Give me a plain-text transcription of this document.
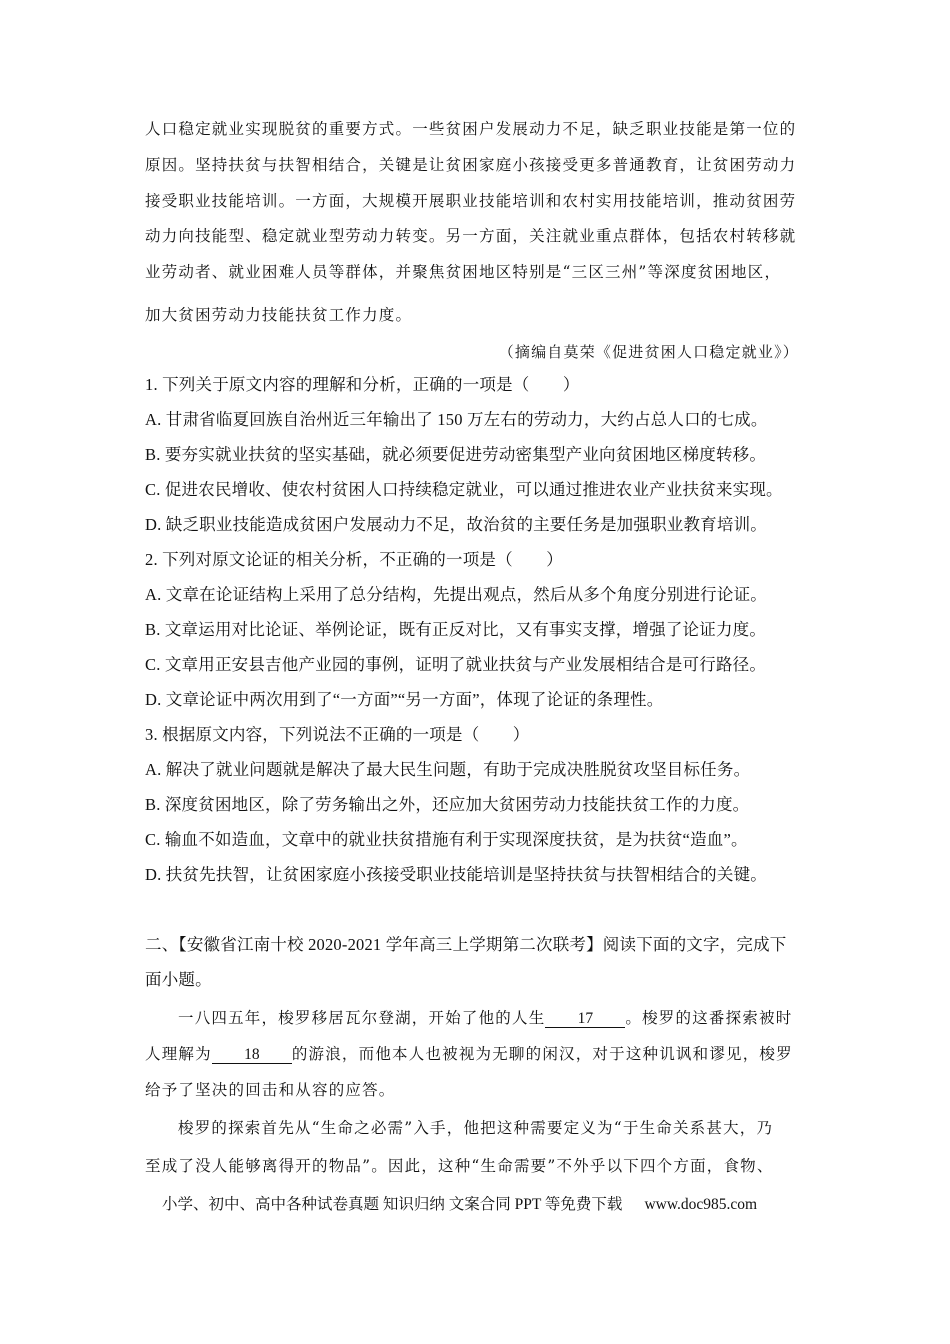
人口稳定就业实现脱贫的重要方式。一些贫困户发展动力不足，缺乏职业技能是第一位的
原因。坚持扶贫与扶智相结合，关键是让贫困家庭小孩接受更多普通教育，让贫困劳动力
接受职业技能培训。一方面，大规模开展职业技能培训和农村实用技能培训，推动贫困劳
动力向技能型、稳定就业型劳动力转变。另一方面，关注就业重点群体，包括农村转移就
业劳动者、就业困难人员等群体，并聚焦贫困地区特别是“三区三州”等深度贫困地区，
加大贫困劳动力技能扶贫工作力度。
（摘编自莫荣《促进贫困人口稳定就业》）
1. 下列关于原文内容的理解和分析，正确的一项是（　　）
A. 甘肃省临夏回族自治州近三年输出了 150 万左右的劳动力，大约占总人口的七成。
B. 要夯实就业扶贫的坚实基础，就必须要促进劳动密集型产业向贫困地区梯度转移。
C. 促进农民增收、使农村贫困人口持续稳定就业，可以通过推进农业产业扶贫来实现。
D. 缺乏职业技能造成贫困户发展动力不足，故治贫的主要任务是加强职业教育培训。
2. 下列对原文论证的相关分析，不正确的一项是（　　）
A. 文章在论证结构上采用了总分结构，先提出观点，然后从多个角度分别进行论证。
B. 文章运用对比论证、举例论证，既有正反对比，又有事实支撑，增强了论证力度。
C. 文章用正安县吉他产业园的事例，证明了就业扶贫与产业发展相结合是可行路径。
D. 文章论证中两次用到了“一方面”“另一方面”，体现了论证的条理性。
3. 根据原文内容，下列说法不正确的一项是（　　）
A. 解决了就业问题就是解决了最大民生问题，有助于完成决胜脱贫攻坚目标任务。
B. 深度贫困地区，除了劳务输出之外，还应加大贫困劳动力技能扶贫工作的力度。
C. 输血不如造血，文章中的就业扶贫措施有利于实现深度扶贫，是为扶贫“造血”。
D. 扶贫先扶智，让贫困家庭小孩接受职业技能培训是坚持扶贫与扶智相结合的关键。
二、【安徽省江南十校 2020-2021 学年高三上学期第二次联考】阅读下面的文字，完成下
面小题。
一八四五年，梭罗移居瓦尔登湖，开始了他的人生 17 。梭罗的这番探索被时
人理解为 18 的游浪，而他本人也被视为无聊的闲汉，对于这种讥讽和谬见，梭罗
给予了坚决的回击和从容的应答。
梭罗的探索首先从“生命之必需”入手，他把这种需要定义为“于生命关系甚大，乃
至成了没人能够离得开的物品”。因此，这种“生命需要”不外乎以下四个方面，食物、
小学、初中、高中各种试卷真题 知识归纳 文案合同 PPT 等免费下载 www.doc985.com
